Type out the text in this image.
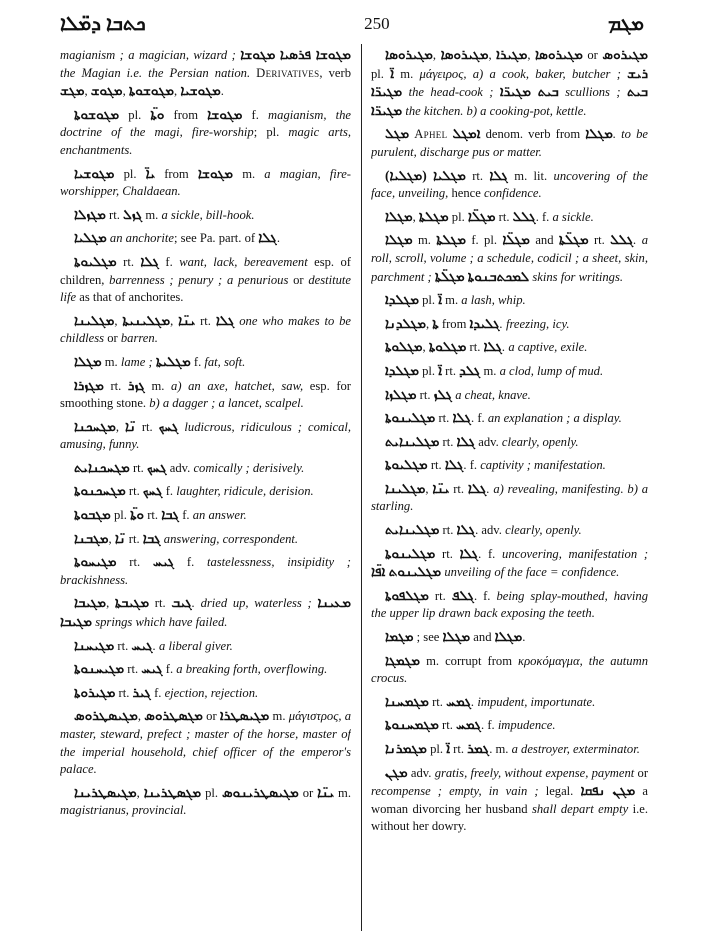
ܟܬܒܐ ܕܡ̈ܠܐ	250	ܡܓܡ

magianism ; a magician, wizard ; ܡܓܘܫܐ ܡܓܘܫܐ ܦܪܣܝܐ the Magian i.e. the Persian nation. Derivatives, verb ܡܓܫ, ܡܓܘܫ, ܡܓܘܫܘܬܐ, ܡܓܘܫܝܐ.

ܡܓܘܫܘܬܐ pl. ܘܬ̈ܐ from ܡܓܘܫܐ f. magianism, the doctrine of the magi, fire-worship; pl. magic arts, enchantments.

ܡܓܘܫܝܐ pl. ܝܐ̈ from ܡܓܘܫܐ m. a magian, fire-worshipper, Chaldaean.

ܡܓܙܠܐ rt. ܓܙܠ m. a sickle, bill-hook.

ܡܓܠܝܐ an anchorite; see Pa. part. of ܓܠܐ.

ܡܓܠܝܘܬܐ rt. ܓܠܐ f. want, lack, bereavement esp. of children, barrenness ; penury ; a penurious or destitute life as that of anchorites.

ܡܓܠܝܢܐ, ܡܓܠܝܢܝܬܐ, ܝܢ̈ܐ rt. ܓܠܐ one who makes to be childless or barren.

ܡܓܠܐ m. lame ; ܡܓܠܝܬܐ f. fat, soft.

ܡܓܙܪܐ rt. ܓܙܪ m. a) an axe, hatchet, saw, esp. for smoothing stone. b) a dagger ; a lancet, scalpel.

ܡܓܚܟܢܐ, ܢ̈ܐ rt. ܓܚܟ ludicrous, ridiculous ; comical, amusing, funny.

ܡܓܚܟܢܐܝܬ rt. ܓܚܟ adv. comically ; derisively.

ܡܓܚܟܢܘܬܐ rt. ܓܚܟ f. laughter, ridicule, derision.

ܡܓܒܘܬܐ pl. ܘܬ̈ܐ rt. ܓܒܐ f. an answer.

ܡܓܒܢܐ, ܢ̈ܐ rt. ܓܒܐ answering, correspondent.

ܡܓܝܚܘܬܐ rt. ܓܝܚ f. tastelessness, insipidity ; brackishness.

ܡܓܝܒܐ, ܡܓܝܒܬܐ rt. ܓܝܒ. dried up, waterless ; ܡܥܝܢܐ ܡܓܝܒܐ springs which have failed.

ܡܓܝܚܢܐ rt. ܓܝܚ. a liberal giver.

ܡܓܝܚܢܘܬܐ rt. ܓܝܚ f. a breaking forth, overflowing.

ܡܓܝܪܘܬܐ rt. ܓܝܪ f. ejection, rejection.

ܡܓܝܣܛܪܘܣ, ܡܓܣܛܪܘܣ or ܡܓܝܣܛܪܐ m. μάγιστρος, a master, steward, prefect ; master of the horse, master of the imperial household, chief officer of the emperor's palace.

ܡܓܝܣܛܪܝܢܐ, ܡܓܣܛܪܝܢܐ pl. ܡܓܝܣܛܪܝܢܘܣ or ܝܢ̈ܐ m. magistrianus, provincial.

ܡܓܝܪܘܣܐ, ܡܓܝܪܘܣܐ, ܡܓܝܪܐ, ܡܓܝܪܘܣܐ or ܡܓܝܪܘܣ pl. ܐ̈ m. μάγειρος, a) a cook, baker, butcher ; ܪܝܫ ܡܓܝܪ̈ܐ the head-cook ; ܒܝܬ ܡܓܝܪ̈ܐ scullions ; ܒܝܬ ܡܓܝܪ̈ܐ the kitchen. b) a cooking-pot, kettle.

ܡܓܠ Aphel ܐܡܓܠ denom. verb from ܡܓܠܐ. to be purulent, discharge pus or matter.

(ܡܓܠܝܐ) ܡܓܠܝܐ rt. ܓܠܐ m. lit. uncovering of the face, unveiling, hence confidence.

ܡܓܠܐ, ܡܓܠܬܐ pl. ܡܓܠ̈ܐ rt. ܓܠܠ. f. a sickle.

ܡܓܠܐ m. ܡܓܠܬܐ f. pl. ܡܓܠ̈ܐ and ܡܓܠ̈ܬܐ rt. ܓܠܠ. a roll, scroll, volume ; a schedule, codicil ; a sheet, skin, parchment ; ܡܓܠ̈ܬܐ ܠܡܟܬܒܢܘܬܐ skins for writings.

ܡܓܠܕܐ pl. ܐ̈ m. a lash, whip.

ܡܓܠܕܢܐ, ܬܐ from ܓܠܝܕܐ. freezing, icy.

ܡܓܠܘܬܐ, ܡܓܠܘܬܐ rt. ܓܠܐ. a captive, exile.

ܡܓܠܕܐ pl. ܐ̈ rt. ܓܠܕ m. a clod, lump of mud.

ܡܓܠܙܐ rt. ܓܠܙ a cheat, knave.

ܡܓܠܝܢܘܬܐ rt. ܓܠܐ. f. an explanation ; a display.

ܡܓܠܝܢܐܝܬ rt. ܓܠܐ adv. clearly, openly.

ܡܓܠܝܘܬܐ rt. ܓܠܐ. f. captivity ; manifestation.

ܡܓܠܝܢܐ, ܝܢ̈ܐ rt. ܓܠܐ. a) revealing, manifesting. b) a starling.

ܡܓܠܝܢܐܝܬ rt. ܓܠܐ. adv. clearly, openly.

ܡܓܠܝܢܘܬܐ rt. ܓܠܐ. f. uncovering, manifestation ; ܡܓܠܝܢܘܬ ܐܦ̈ܐ unveiling of the face = confidence.

ܡܓܠܦܘܬܐ rt. ܓܠܦ. f. being splay-mouthed, having the upper lip drawn back exposing the teeth.

ܡܓܡܐ ; see ܡܓܠܐ and ܡܓܠܐ.

ܡܓܡܓܐ m. corrupt from κροκόμαγμα, the autumn crocus.

ܡܓܡܚܢܐ rt. ܓܡܚ. impudent, importunate.

ܡܓܡܚܢܘܬܐ rt. ܓܡܚ. f. impudence.

ܡܓܡܪܢܐ pl. ܐ̈ rt. ܓܡܪ. m. a destroyer, exterminator.

ܡܓܢ adv. gratis, freely, without expense, payment or recompense ; empty, in vain ; legal. ܡܓܢ ܢܦܩܐ a woman divorcing her husband shall depart empty i.e. without her dowry.
